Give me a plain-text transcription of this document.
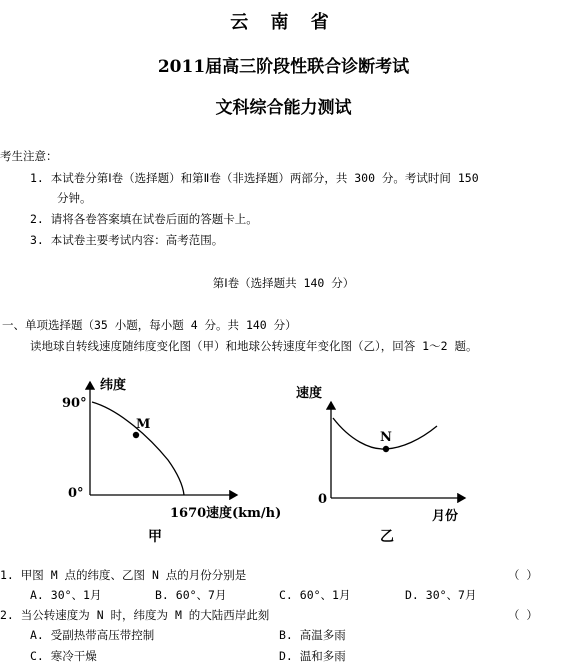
云 南 省
2011届高三阶段性联合诊断考试
文科综合能力测试
考生注意：
1. 本试卷分第Ⅰ卷（选择题）和第Ⅱ卷（非选择题）两部分，共 300 分。考试时间 150
分钟。
2. 请将各卷答案填在试卷后面的答题卡上。
3. 本试卷主要考试内容：高考范围。
第Ⅰ卷（选择题共 140 分）
一、单项选择题（35 小题，每小题 4 分。共 140 分）
读地球自转线速度随纬度变化图（甲）和地球公转速度年变化图（乙），回答 1～2 题。
纬度
90°
0°
M
1670 速度(km/h)
甲
速度
0
N
月份
乙
1. 甲图 M 点的纬度、乙图 N 点的月份分别是	（ ）
A. 30°、1月	B. 60°、7月	C. 60°、1月	D. 30°、7月
2. 当公转速度为 N 时，纬度为 M 的大陆西岸此刻	（ ）
A. 受副热带高压带控制	B. 高温多雨
C. 寒冷干燥	D. 温和多雨
